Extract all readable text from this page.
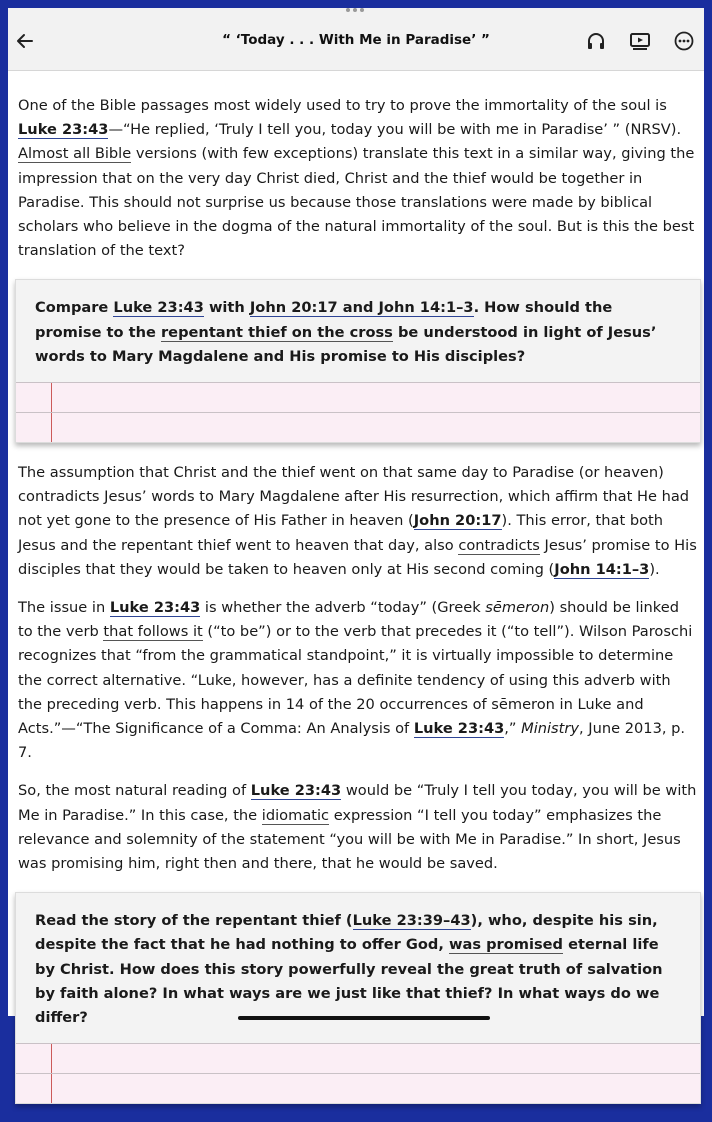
“ ‘Today . . . With Me in Paradise’ ”

One of the Bible passages most widely used to try to prove the immortality of the soul is Luke 23:43—“He replied, ‘Truly I tell you, today you will be with me in Paradise’ ” (NRSV). Almost all Bible versions (with few exceptions) translate this text in a similar way, giving the impression that on the very day Christ died, Christ and the thief would be together in Paradise. This should not surprise us because those translations were made by biblical scholars who believe in the dogma of the natural immortality of the soul. But is this the best translation of the text?

Compare Luke 23:43 with John 20:17 and John 14:1–3. How should the promise to the repentant thief on the cross be understood in light of Jesus’ words to Mary Magdalene and His promise to His disciples?

The assumption that Christ and the thief went on that same day to Paradise (or heaven) contradicts Jesus’ words to Mary Magdalene after His resurrection, which affirm that He had not yet gone to the presence of His Father in heaven (John 20:17). This error, that both Jesus and the repentant thief went to heaven that day, also contradicts Jesus’ promise to His disciples that they would be taken to heaven only at His second coming (John 14:1–3).

The issue in Luke 23:43 is whether the adverb “today” (Greek sēmeron) should be linked to the verb that follows it (“to be”) or to the verb that precedes it (“to tell”). Wilson Paroschi recognizes that “from the grammatical standpoint,” it is virtually impossible to determine the correct alternative. “Luke, however, has a definite tendency of using this adverb with the preceding verb. This happens in 14 of the 20 occurrences of sēmeron in Luke and Acts.”—“The Significance of a Comma: An Analysis of Luke 23:43,” Ministry, June 2013, p. 7.

So, the most natural reading of Luke 23:43 would be “Truly I tell you today, you will be with Me in Paradise.” In this case, the idiomatic expression “I tell you today” emphasizes the relevance and solemnity of the statement “you will be with Me in Paradise.” In short, Jesus was promising him, right then and there, that he would be saved.

Read the story of the repentant thief (Luke 23:39–43), who, despite his sin, despite the fact that he had nothing to offer God, was promised eternal life by Christ. How does this story powerfully reveal the great truth of salvation by faith alone? In what ways are we just like that thief? In what ways do we differ?
